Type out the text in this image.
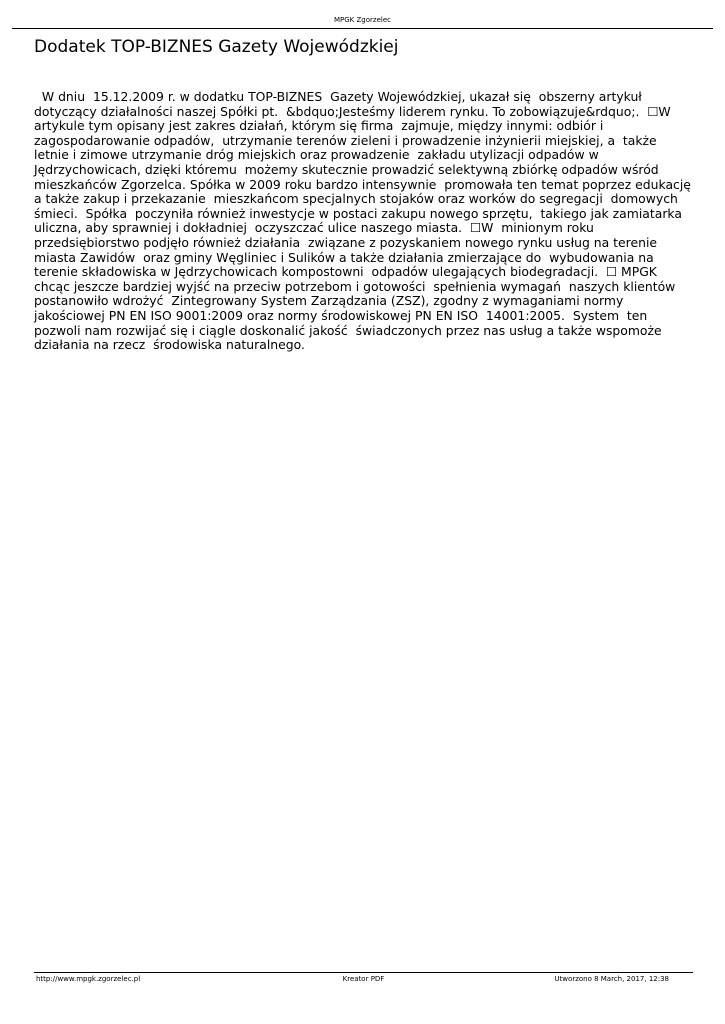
MPGK Zgorzelec
Dodatek TOP-BIZNES Gazety Wojewódzkiej
W dniu  15.12.2009 r. w dodatku TOP-BIZNES  Gazety Wojewódzkiej, ukazał się  obszerny artykuł
dotyczący działalności naszej Spółki pt.  &bdquo;Jesteśmy liderem rynku. To zobowiązuje&rdquo;.  ☐W
artykule tym opisany jest zakres działań, którym się firma  zajmuje, między innymi: odbiór i
zagospodarowanie odpadów,  utrzymanie terenów zieleni i prowadzenie inżynierii miejskiej, a  także
letnie i zimowe utrzymanie dróg miejskich oraz prowadzenie  zakładu utylizacji odpadów w
Jędrzychowicach, dzięki któremu  możemy skutecznie prowadzić selektywną zbiórkę odpadów wśród
mieszkańców Zgorzelca. Spółka w 2009 roku bardzo intensywnie  promowała ten temat poprzez edukację
a także zakup i przekazanie  mieszkańcom specjalnych stojaków oraz worków do segregacji  domowych
śmieci.  Spółka  poczyniła również inwestycje w postaci zakupu nowego sprzętu,  takiego jak zamiatarka
uliczna, aby sprawniej i dokładniej  oczyszczać ulice naszego miasta.  ☐W  minionym roku
przedsiębiorstwo podjęło również działania  związane z pozyskaniem nowego rynku usług na terenie
miasta Zawidów  oraz gminy Węgliniec i Sulików a także działania zmierzające do  wybudowania na
terenie składowiska w Jędrzychowicach kompostowni  odpadów ulegających biodegradacji.  ☐ MPGK
chcąc jeszcze bardziej wyjść na przeciw potrzebom i gotowości  spełnienia wymagań  naszych klientów
postanowiło wdrożyć  Zintegrowany System Zarządzania (ZSZ), zgodny z wymaganiami normy
jakościowej PN EN ISO 9001:2009 oraz normy środowiskowej PN EN ISO  14001:2005.  System  ten
pozwoli nam rozwijać się i ciągle doskonalić jakość  świadczonych przez nas usług a także wspomoże
działania na rzecz  środowiska naturalnego.
http://www.mpgk.zgorzelec.pl	Kreator PDF	Utworzono 8 March, 2017, 12:38
